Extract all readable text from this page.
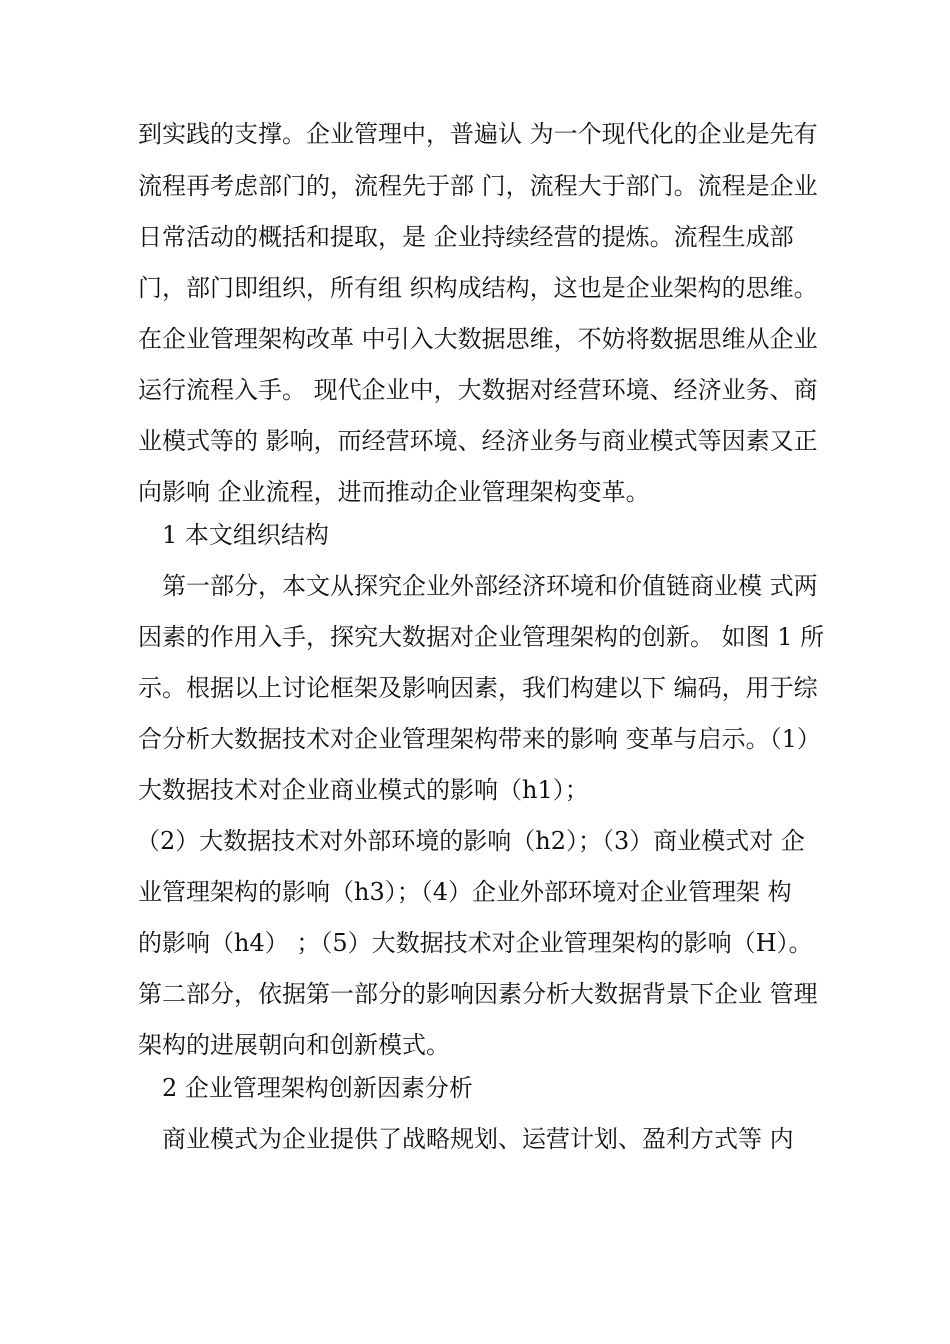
到实践的支撑。企业管理中，普遍认 为一个现代化的企业是先有
流程再考虑部门的，流程先于部 门，流程大于部门。流程是企业
日常活动的概括和提取，是 企业持续经营的提炼。流程生成部
门，部门即组织，所有组 织构成结构，这也是企业架构的思维。
在企业管理架构改革 中引入大数据思维，不妨将数据思维从企业
运行流程入手。 现代企业中，大数据对经营环境、经济业务、商
业模式等的 影响，而经营环境、经济业务与商业模式等因素又正
向影响 企业流程，进而推动企业管理架构变革。
1 本文组织结构
第一部分，本文从探究企业外部经济环境和价值链商业模 式两
因素的作用入手，探究大数据对企业管理架构的创新。 如图 1 所
示。根据以上讨论框架及影响因素，我们构建以下 编码，用于综
合分析大数据技术对企业管理架构带来的影响 变革与启示。（1）
大数据技术对企业商业模式的影响（h1）；
（2）大数据技术对外部环境的影响（h2）；（3）商业模式对 企
业管理架构的影响（h3）；（4）企业外部环境对企业管理架 构
的影响（h4） ；（5）大数据技术对企业管理架构的影响（H）。
第二部分，依据第一部分的影响因素分析大数据背景下企业 管理
架构的进展朝向和创新模式。
2 企业管理架构创新因素分析
商业模式为企业提供了战略规划、运营计划、盈利方式等 内
